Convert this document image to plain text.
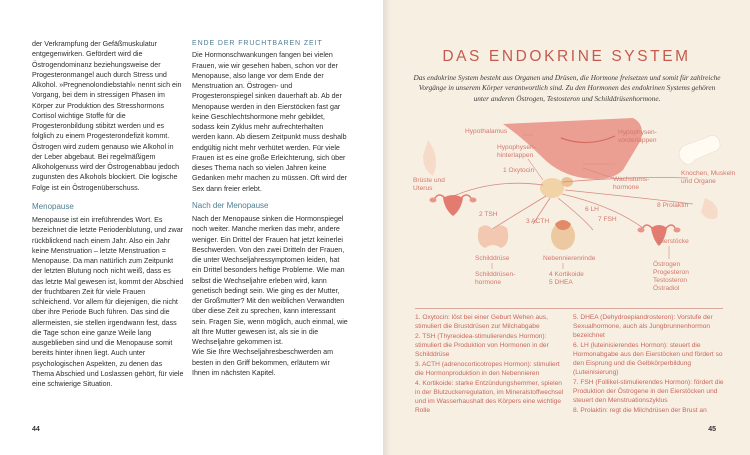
der Verkrampfung der Gefäßmuskulatur entgegenwirken. Gefördert wird die Östrogendominanz beziehungsweise der Progesteronmangel auch durch Stress und Alkohol. »Pregnenolondiebstahl« nennt sich ein Vorgang, bei dem in stressigen Phasen im Körper zur Produktion des Stresshormons Cortisol wichtige Stoffe für die Progesteronbildung stibitzt werden und es folglich zu einem Progesterondefizit kommt. Östrogen wird zudem genauso wie Alkohol in der Leber abgebaut. Bei regelmäßigem Alkoholgenuss wird der Östrogenabbau jedoch zugunsten des Alkohols blockiert. Die logische Folge ist ein Östrogenüberschuss.

Menopause

Menopause ist ein irreführendes Wort. Es bezeichnet die letzte Periodenblutung, und zwar rückblickend nach einem Jahr. Also ein Jahr keine Menstruation – letzte Menstruation = Menopause. Da man natürlich zum Zeitpunkt der letzten Blutung noch nicht weiß, dass es das letzte Mal gewesen ist, kommt der Abschied der fruchtbaren Zeit für viele Frauen schleichend. Vor allem für diejenigen, die nicht über ihre Periode Buch führen. Das sind die allermeisten, sie stellen irgendwann fest, dass die Tage schon eine ganze Weile lang ausgeblieben sind und die Menopause somit bereits hinter ihnen liegt. Auch unter psychologischen Aspekten, zu denen das Thema Abschied und Loslassen gehört, für viele eine schwierige Situation.

ENDE DER FRUCHTBAREN ZEIT

Die Hormonschwankungen fangen bei vielen Frauen, wie wir gesehen haben, schon vor der Menopause, also lange vor dem Ende der Menstruation an. Östrogen- und Progesteronspiegel sinken dauerhaft ab. Ab der Menopause werden in den Eierstöcken fast gar keine Geschlechtshormone mehr gebildet, sodass kein Zyklus mehr aufrechterhalten werden kann. Ab diesem Zeitpunkt muss deshalb endgültig nicht mehr verhütet werden. Für viele Frauen ist es eine große Erleichterung, sich über dieses Thema nach so vielen Jahren keine Gedanken mehr machen zu müssen. Oft wird der Sex dann freier erlebt.

Nach der Menopause

Nach der Menopause sinken die Hormonspiegel noch weiter. Manche merken das mehr, andere weniger. Ein Drittel der Frauen hat jetzt keinerlei Beschwerden. Von den zwei Dritteln der Frauen, die unter Wechseljahressymptomen leiden, hat ein Drittel besonders heftige Probleme. Wie man selbst die Wechseljahre erleben wird, kann genetisch bedingt sein. Wie ging es der Mutter, der Großmutter? Mit den weiblichen Verwandten über diese Zeit zu sprechen, kann interessant sein. Fragen Sie, wenn möglich, auch einmal, wie alt Ihre Mutter gewesen ist, als sie in die Wechseljahre gekommen ist.

Wie Sie Ihre Wechseljahresbeschwerden am besten in den Griff bekommen, erläutern wir Ihnen im nächsten Kapitel.

44
DAS ENDOKRINE SYSTEM
Das endokrine System besteht aus Organen und Drüsen, die Hormone freisetzen und somit für zahlreiche Vorgänge in unserem Körper verantwortlich sind. Zu den Hormonen des endokrinen Systems gehören unter anderen Östrogen, Testosteron und Schilddrüsenhormone.
Hypothalamus
Hypophysen- hinterlappen
Hypophysen- vorderlappen
1 Oxytocin
Brüste und Uterus
Wachstums- hormone
Knochen, Muskeln und Organe
2 TSH
3 ACTH
6 LH
7 FSH
8 Prolaktin
Schilddrüse
Schilddrüsen- hormone
Nebennierenrinde
4 Kortikoide
5 DHEA
Eierstöcke
Östrogen Progesteron Testosteron Östradiol
1. Oxytocin: löst bei einer Geburt Wehen aus, stimuliert die Brustdrüsen zur Milchabgabe
2. TSH (Thyreoidea-stimulierendes Hormon): stimuliert die Produktion von Hormonen in der Schilddrüse
3. ACTH (adrenocorticotropes Hormon): stimuliert die Hormonproduktion in den Nebennieren
4. Kortikoide: starke Entzündungshemmer, spielen in der Blutzuckerregulation, im Mineralstoffwechsel und im Wasserhaushalt des Körpers eine wichtige Rolle
5. DHEA (Dehydroepiandrosteron): Vorstufe der Sexualhormone, auch als Jungbrunnenhormon bezeichnet
6. LH (luteinisierendes Hormon): steuert die Hormonabgabe aus den Eierstöcken und fördert so den Eisprung und die Gelbkörperbildung (Luteinisierung)
7. FSH (Follikel-stimulierendes Hormon): fördert die Produktion der Östrogene in den Eierstöcken und steuert den Menstruationszyklus
8. Prolaktin: regt die Milchdrüsen der Brust an
45
